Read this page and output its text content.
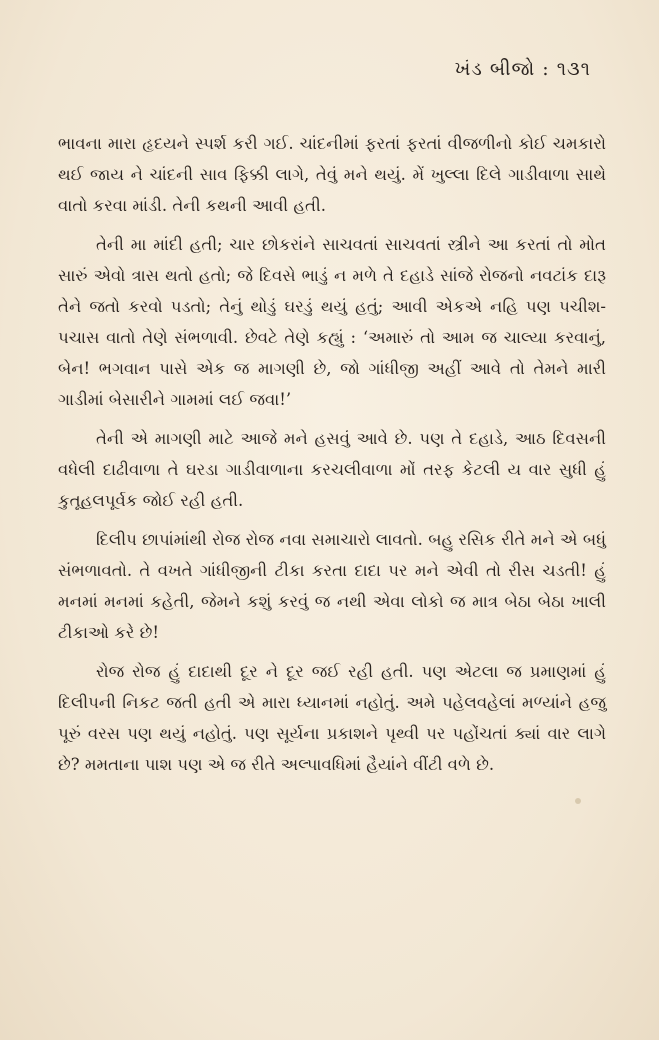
ખંડ બીજો : ૧૩૧

ભાવના મારા હૃદયને સ્પર્શ કરી ગઈ. ચાંદનીમાં ફરતાં ફરતાં વીજળીનો કોઈ ચમકારો થઈ જાય ને ચાંદની સાવ ફિક્કી લાગે, તેવું મને થયું. મેં ખુલ્લા દિલે ગાડીવાળા સાથે વાતો કરવા માંડી. તેની કથની આવી હતી.

તેની મા માંદી હતી; ચાર છોકરાંને સાચવતાં સાચવતાં સ્ત્રીને આ કરતાં તો મોત સારું એવો ત્રાસ થતો હતો; જે દિવસે ભાડું ન મળે તે દહાડે સાંજે રોજનો નવટાંક દારૂ તેને જતો કરવો પડતો; તેનું થોડું ઘરડું થયું હતું; આવી એકએ નહિ પણ પચીશ-પચાસ વાતો તેણે સંભળાવી. છેવટે તેણે કહ્યું : ‘અમારું તો આમ જ ચાલ્યા કરવાનું, બેન! ભગવાન પાસે એક જ માગણી છે, જો ગાંધીજી અહીં આવે તો તેમને મારી ગાડીમાં બેસારીને ગામમાં લઈ જવા!’

તેની એ માગણી માટે આજે મને હસવું આવે છે. પણ તે દહાડે, આઠ દિવસની વધેલી દાઢીવાળા તે ઘરડા ગાડીવાળાના કરચલીવાળા મોં તરફ કેટલી ય વાર સુધી હું કુતૂહલપૂર્વક જોઈ રહી હતી.

દિલીપ છાપાંમાંથી રોજ રોજ નવા સમાચારો લાવતો. બહુ રસિક રીતે મને એ બધું સંભળાવતો. તે વખતે ગાંધીજીની ટીકા કરતા દાદા પર મને એવી તો રીસ ચડતી! હું મનમાં મનમાં કહેતી, જેમને કશું કરવું જ નથી એવા લોકો જ માત્ર બેઠા બેઠા ખાલી ટીકાઓ કરે છે!

રોજ રોજ હું દાદાથી દૂર ને દૂર જઈ રહી હતી. પણ એટલા જ પ્રમાણમાં હું દિલીપની નિકટ જતી હતી એ મારા ધ્યાનમાં નહોતું. અમે પહેલવહેલાં મળ્યાંને હજુ પૂરું વરસ પણ થયું નહોતું. પણ સૂર્યના પ્રકાશને પૃથ્વી પર પહોંચતાં ક્યાં વાર લાગે છે? મમતાના પાશ પણ એ જ રીતે અલ્પાવધિમાં હૈયાંને વીંટી વળે છે.
